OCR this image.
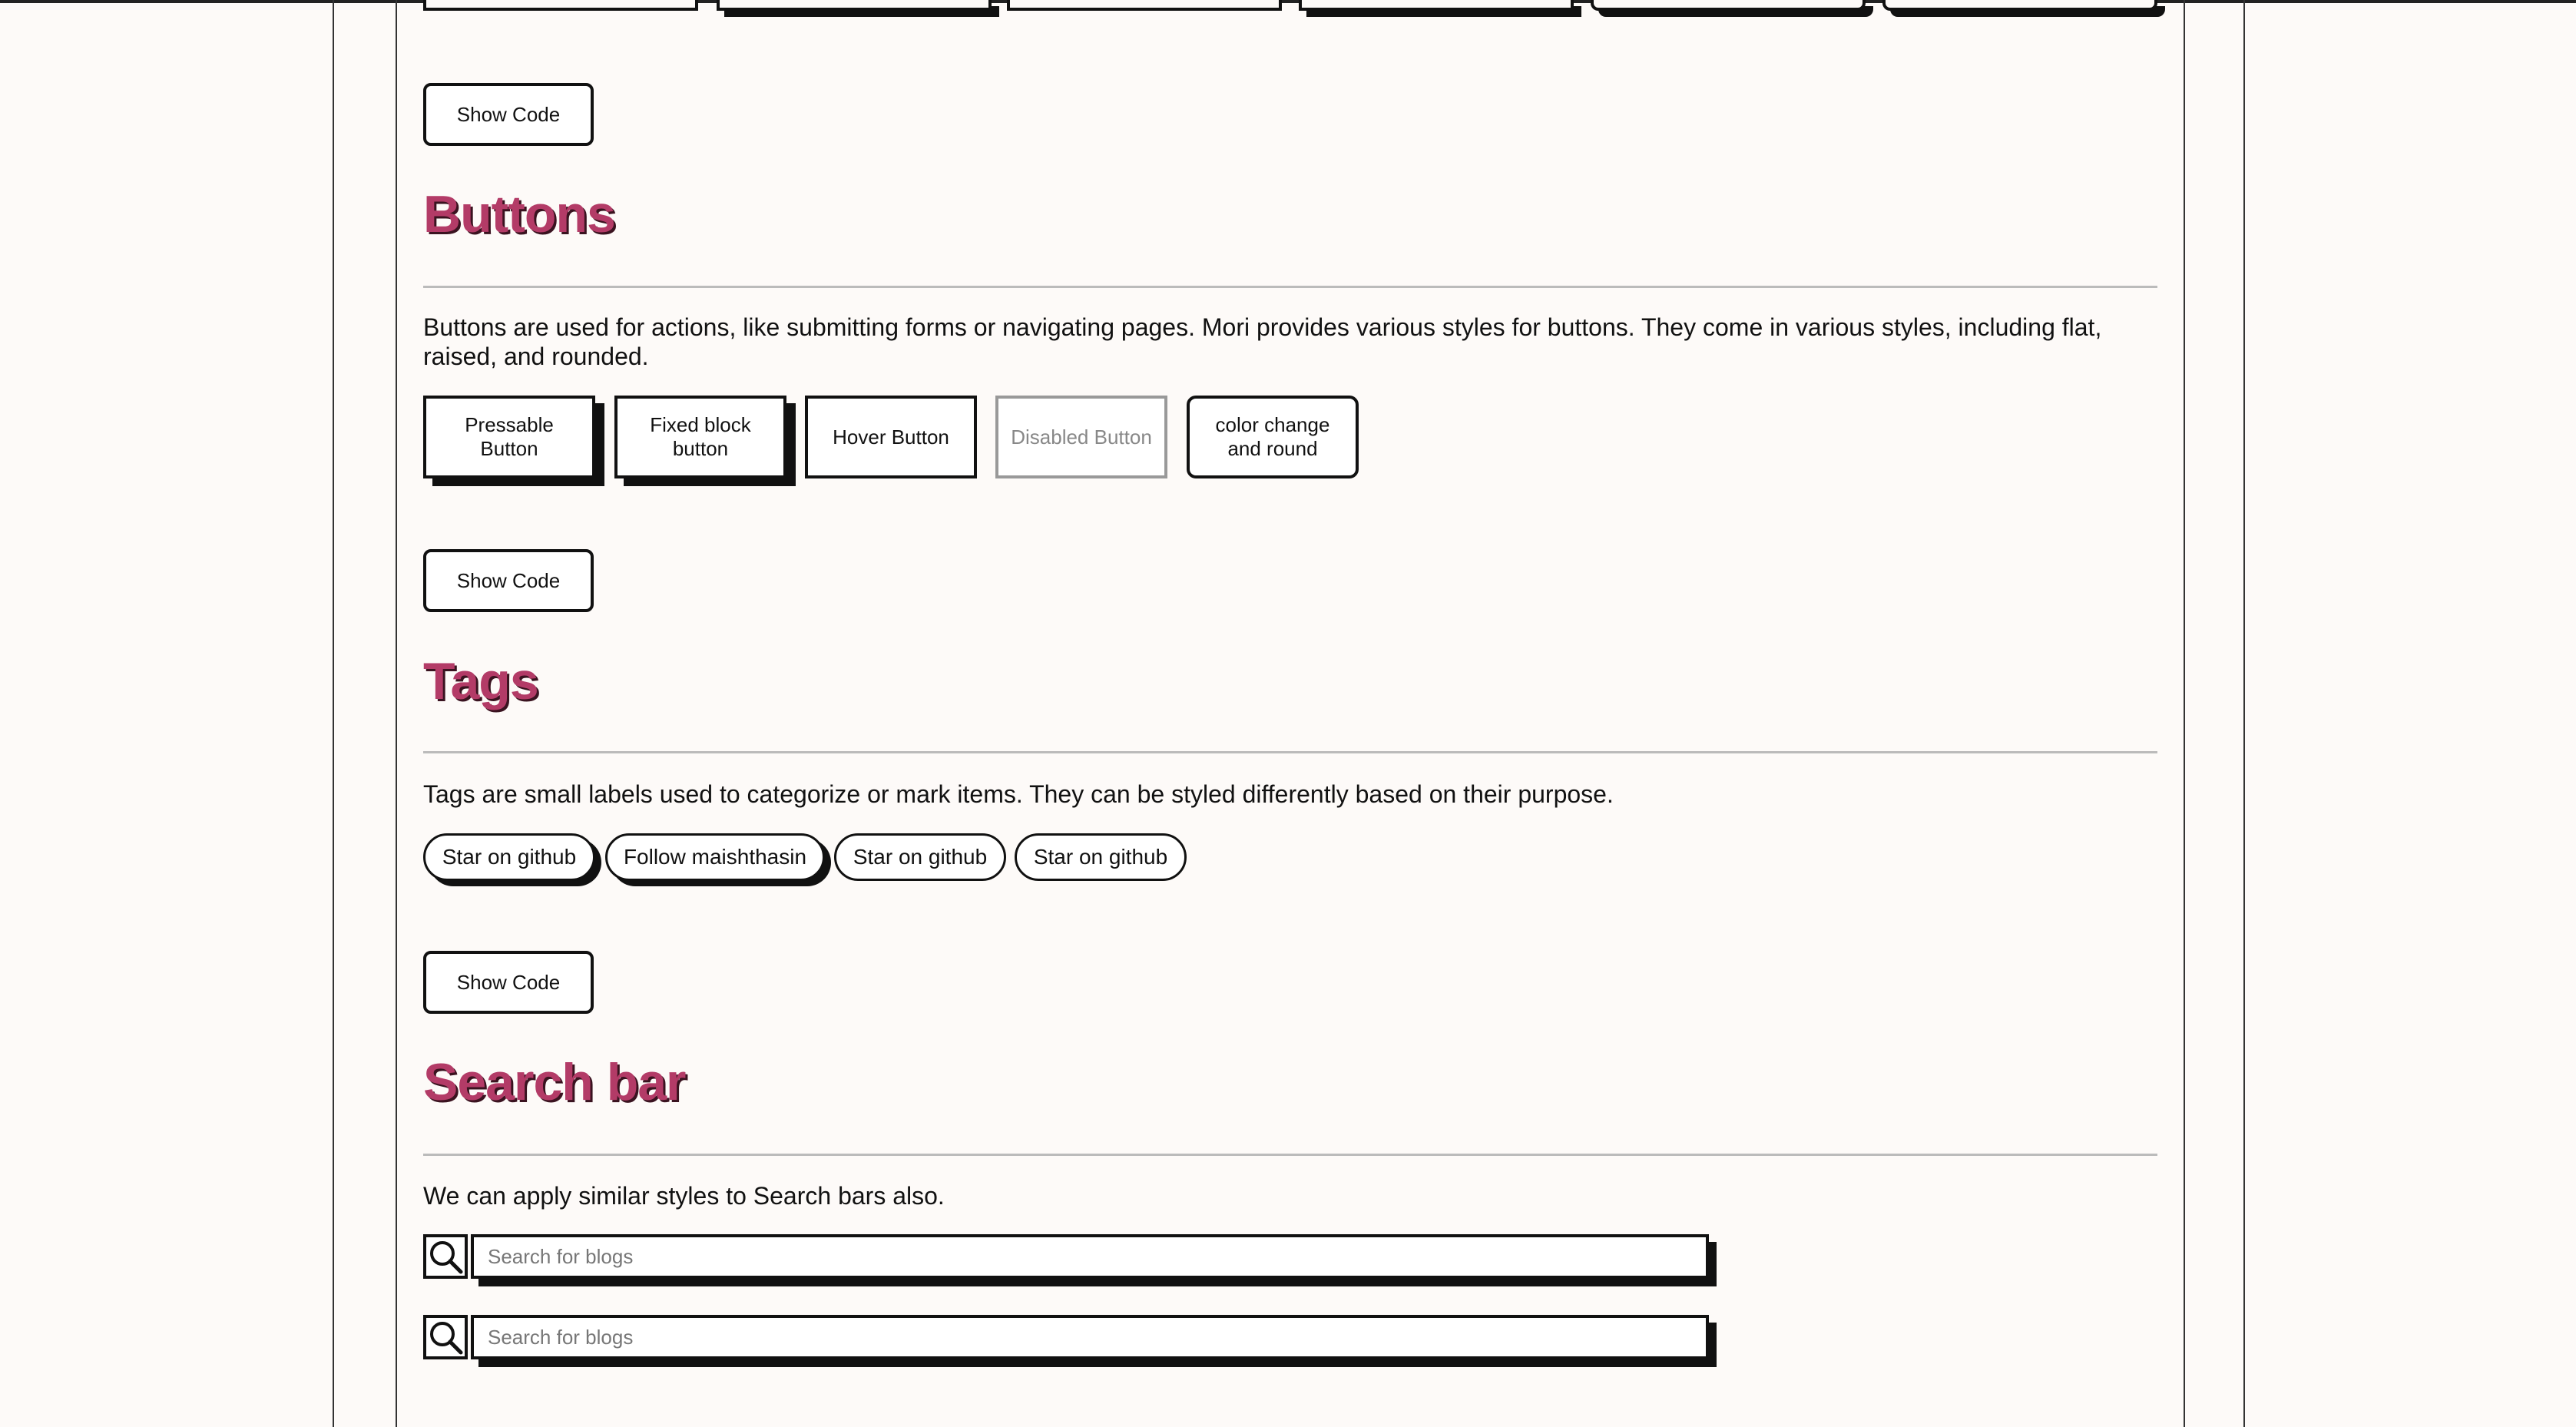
Show Code
Buttons

Buttons are used for actions, like submitting forms or navigating pages. Mori provides various styles for buttons. They come in various styles, including flat, raised, and rounded.

Pressable Button
Fixed block button
Hover Button	Disabled Button
color change and round
Show Code
Tags

Tags are small labels used to categorize or mark items. They can be styled differently based on their purpose.

Star on github	Follow maishthasin	Star on github	Star on github
Show Code
Search bar

We can apply similar styles to Search bars also.

Search for blogs
Search for blogs
